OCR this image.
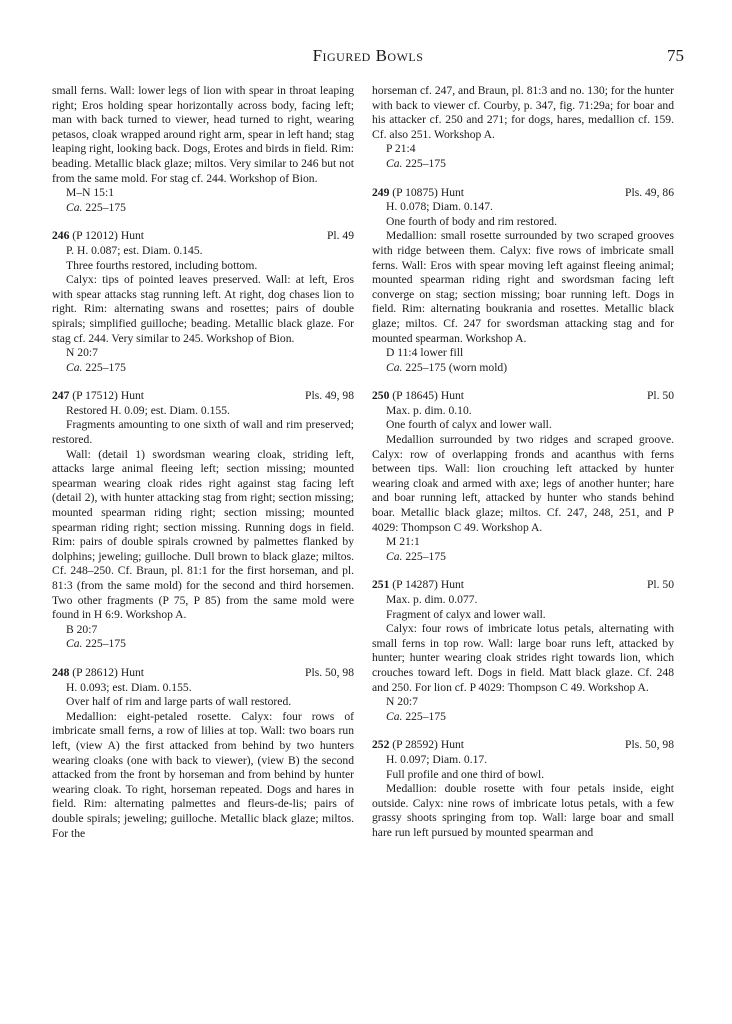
Figured Bowls	75

small ferns. Wall: lower legs of lion with spear in throat leaping right; Eros holding spear horizontally across body, facing left; man with back turned to viewer, head turned to right, wearing petasos, cloak wrapped around right arm, spear in left hand; stag leaping right, looking back. Dogs, Erotes and birds in field. Rim: beading. Metallic black glaze; miltos. Very similar to 246 but not from the same mold. For stag cf. 244. Workshop of Bion.

M–N 15:1

Ca. 225–175

246 (P 12012) Hunt	Pl. 49

P. H. 0.087; est. Diam. 0.145.

Three fourths restored, including bottom.

Calyx: tips of pointed leaves preserved. Wall: at left, Eros with spear attacks stag running left. At right, dog chases lion to right. Rim: alternating swans and rosettes; pairs of double spirals; simplified guilloche; beading. Metallic black glaze. For stag cf. 244. Very similar to 245. Workshop of Bion.

N 20:7

Ca. 225–175

247 (P 17512) Hunt	Pls. 49, 98

Restored H. 0.09; est. Diam. 0.155.

Fragments amounting to one sixth of wall and rim preserved; restored.

Wall: (detail 1) swordsman wearing cloak, striding left, attacks large animal fleeing left; section missing; mounted spearman wearing cloak rides right against stag facing left (detail 2), with hunter attacking stag from right; section missing; mounted spearman riding right; section missing; mounted spearman riding right; section missing. Running dogs in field. Rim: pairs of double spirals crowned by palmettes flanked by dolphins; jeweling; guilloche. Dull brown to black glaze; miltos. Cf. 248–250. Cf. Braun, pl. 81:1 for the first horseman, and pl. 81:3 (from the same mold) for the second and third horsemen. Two other fragments (P 75, P 85) from the same mold were found in H 6:9. Workshop A.

B 20:7

Ca. 225–175

248 (P 28612) Hunt	Pls. 50, 98

H. 0.093; est. Diam. 0.155.

Over half of rim and large parts of wall restored.

Medallion: eight-petaled rosette. Calyx: four rows of imbricate small ferns, a row of lilies at top. Wall: two boars run left, (view A) the first attacked from behind by two hunters wearing cloaks (one with back to viewer), (view B) the second attacked from the front by horseman and from behind by hunter wearing cloak. To right, horseman repeated. Dogs and hares in field. Rim: alternating palmettes and fleurs-de-lis; pairs of double spirals; jeweling; guilloche. Metallic black glaze; miltos. For the

horseman cf. 247, and Braun, pl. 81:3 and no. 130; for the hunter with back to viewer cf. Courby, p. 347, fig. 71:29a; for boar and his attacker cf. 250 and 271; for dogs, hares, medallion cf. 159. Cf. also 251. Workshop A.

P 21:4

Ca. 225–175

249 (P 10875) Hunt	Pls. 49, 86

H. 0.078; Diam. 0.147.

One fourth of body and rim restored.

Medallion: small rosette surrounded by two scraped grooves with ridge between them. Calyx: five rows of imbricate small ferns. Wall: Eros with spear moving left against fleeing animal; mounted spearman riding right and swordsman facing left converge on stag; section missing; boar running left. Dogs in field. Rim: alternating boukrania and rosettes. Metallic black glaze; miltos. Cf. 247 for swordsman attacking stag and for mounted spearman. Workshop A.

D 11:4 lower fill

Ca. 225–175 (worn mold)

250 (P 18645) Hunt	Pl. 50

Max. p. dim. 0.10.

One fourth of calyx and lower wall.

Medallion surrounded by two ridges and scraped groove. Calyx: row of overlapping fronds and acanthus with ferns between tips. Wall: lion crouching left attacked by hunter wearing cloak and armed with axe; legs of another hunter; hare and boar running left, attacked by hunter who stands behind boar. Metallic black glaze; miltos. Cf. 247, 248, 251, and P 4029: Thompson C 49. Workshop A.

M 21:1

Ca. 225–175

251 (P 14287) Hunt	Pl. 50

Max. p. dim. 0.077.

Fragment of calyx and lower wall.

Calyx: four rows of imbricate lotus petals, alternating with small ferns in top row. Wall: large boar runs left, attacked by hunter; hunter wearing cloak strides right towards lion, which crouches toward left. Dogs in field. Matt black glaze. Cf. 248 and 250. For lion cf. P 4029: Thompson C 49. Workshop A.

N 20:7

Ca. 225–175

252 (P 28592) Hunt	Pls. 50, 98

H. 0.097; Diam. 0.17.

Full profile and one third of bowl.

Medallion: double rosette with four petals inside, eight outside. Calyx: nine rows of imbricate lotus petals, with a few grassy shoots springing from top. Wall: large boar and small hare run left pursued by mounted spearman and
